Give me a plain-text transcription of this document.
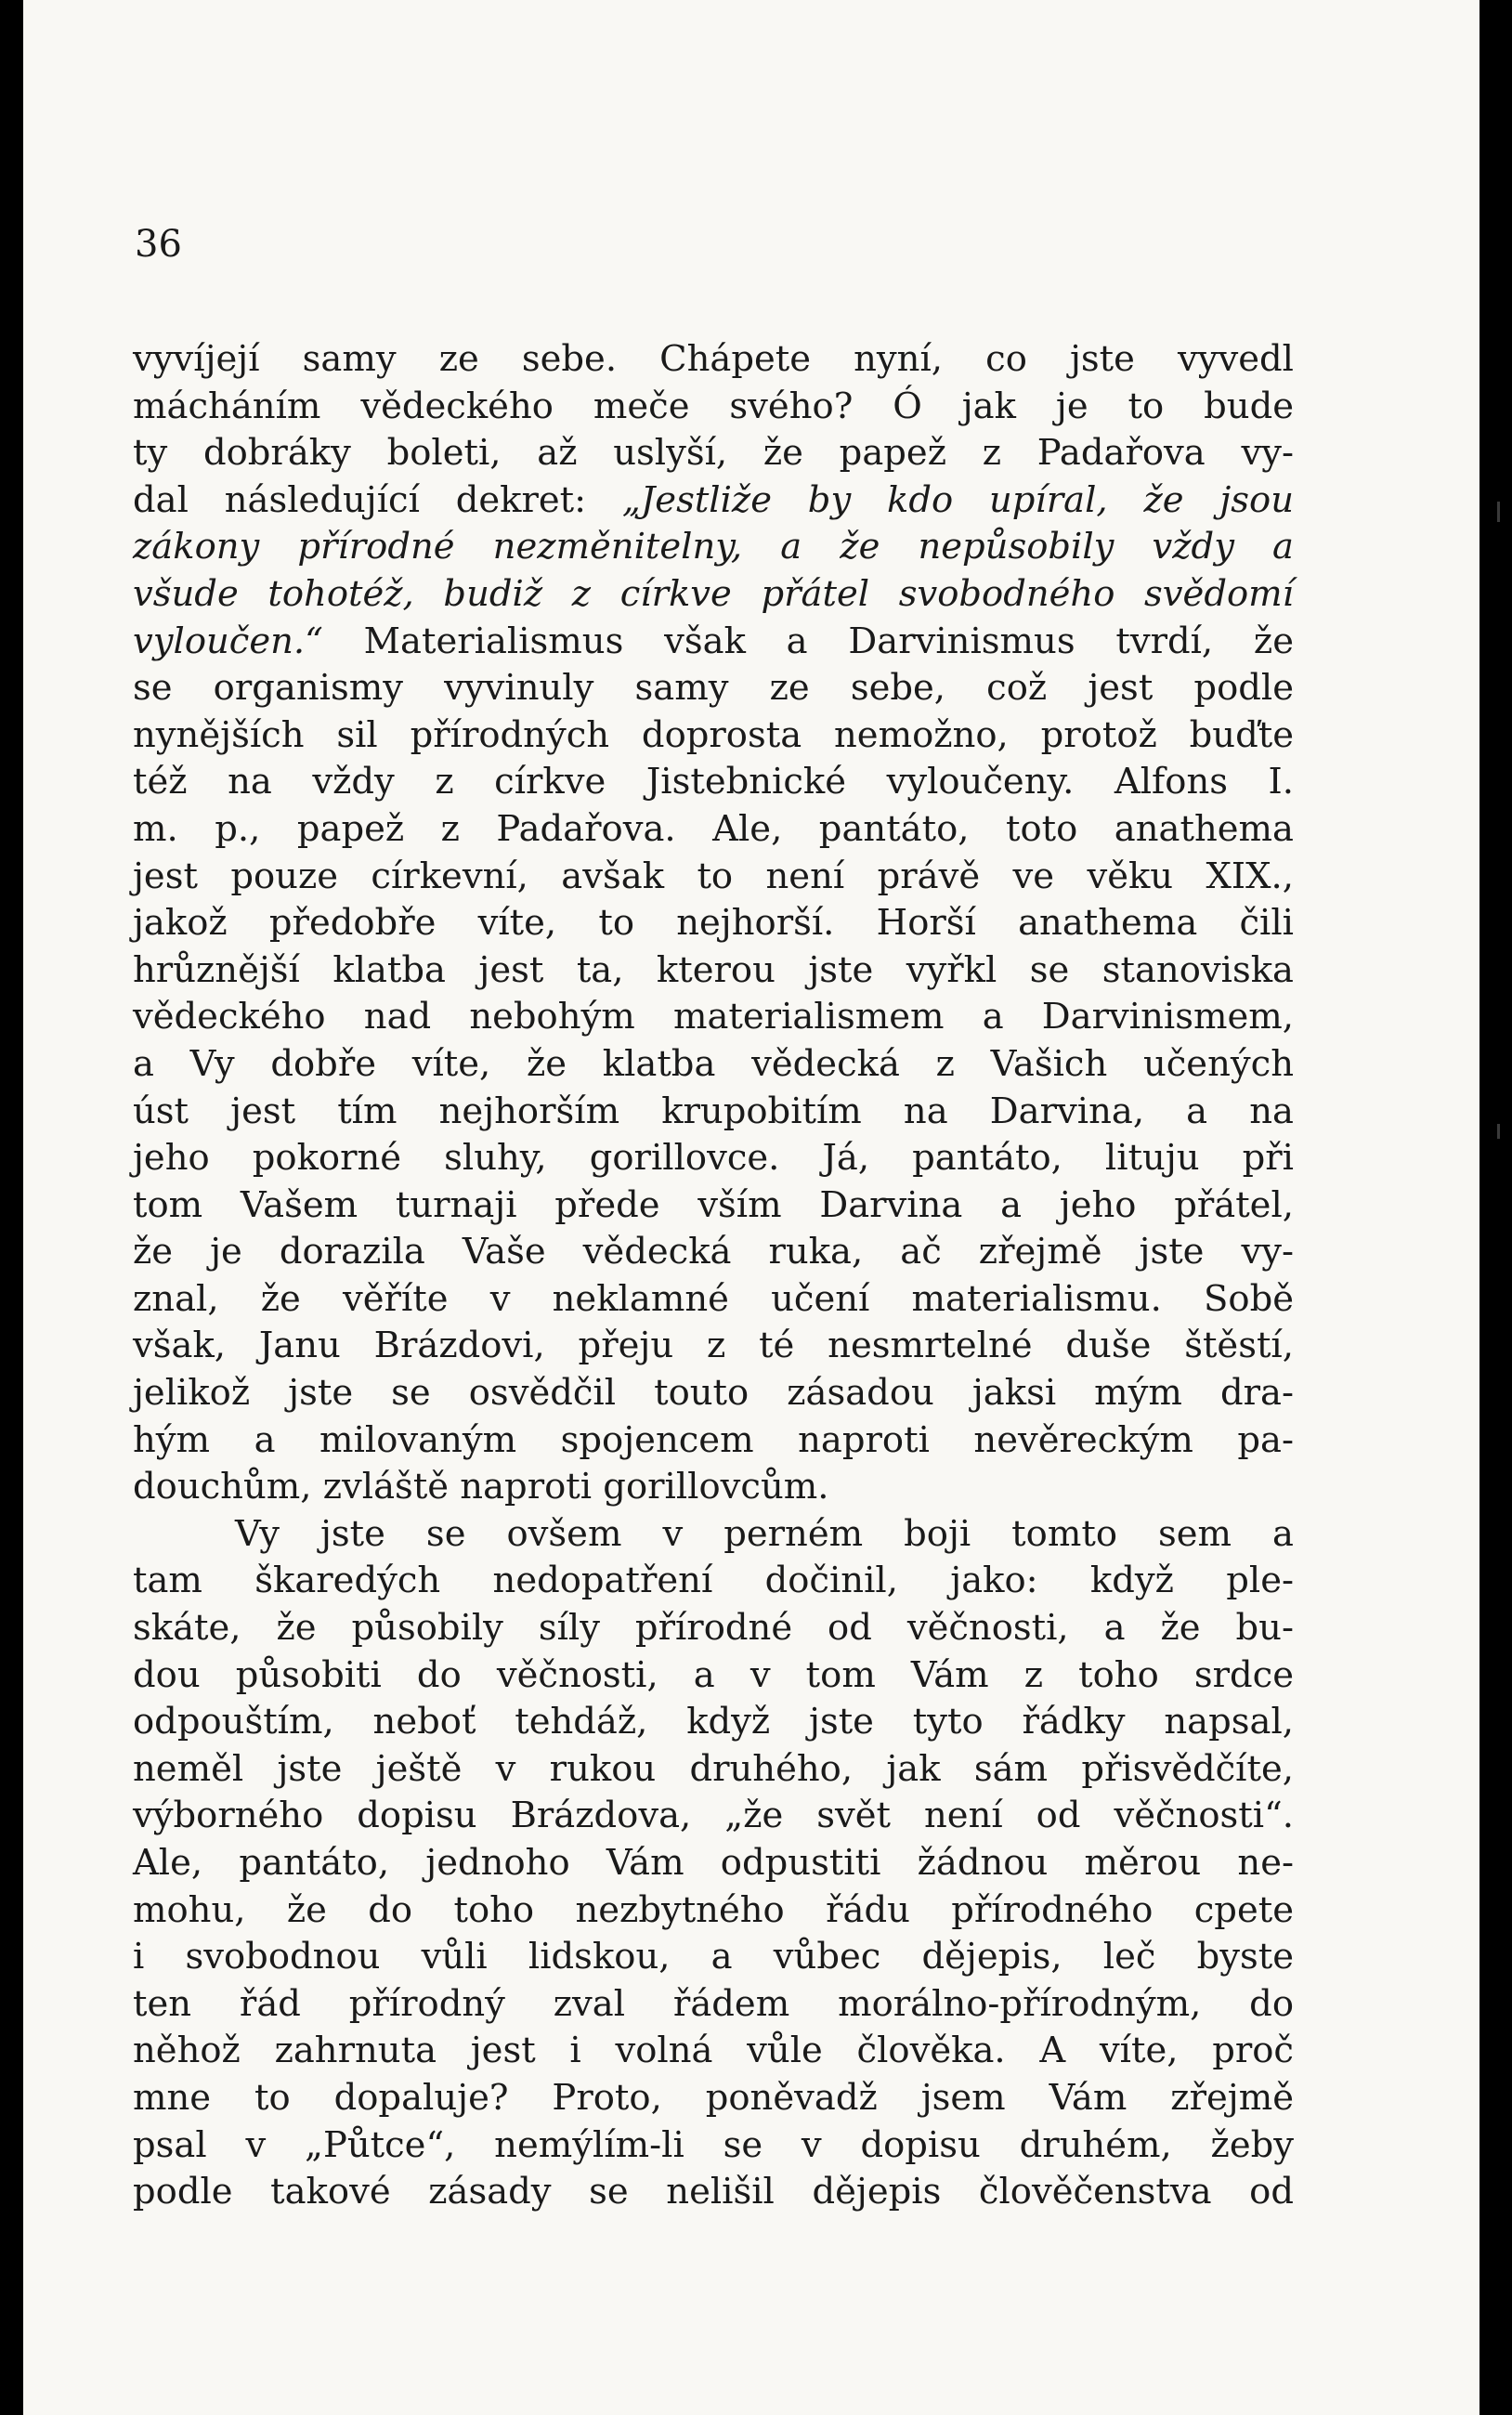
36

vyvíjejí samy ze sebe. Chápete nyní, co jste vyvedl
mácháním vědeckého meče svého? Ó jak je to bude
ty dobráky boleti, až uslyší, že papež z Padařova vy-
dal následující dekret: „Jestliže by kdo upíral, že jsou
zákony přírodné nezměnitelny, a že nepůsobily vždy a
všude tohotéž, budiž z církve přátel svobodného svědomí
vyloučen.“ Materialismus však a Darvinismus tvrdí, že
se organismy vyvinuly samy ze sebe, což jest podle
nynějších sil přírodných doprosta nemožno, protož buďte
též na vždy z církve Jistebnické vyloučeny. Alfons I.
m. p., papež z Padařova. Ale, pantáto, toto anathema
jest pouze církevní, avšak to není právě ve věku XIX.,
jakož předobře víte, to nejhorší. Horší anathema čili
hrůznější klatba jest ta, kterou jste vyřkl se stanoviska
vědeckého nad nebohým materialismem a Darvinismem,
a Vy dobře víte, že klatba vědecká z Vašich učených
úst jest tím nejhorším krupobitím na Darvina, a na
jeho pokorné sluhy, gorillovce. Já, pantáto, lituju při
tom Vašem turnaji přede vším Darvina a jeho přátel,
že je dorazila Vaše vědecká ruka, ač zřejmě jste vy-
znal, že věříte v neklamné učení materialismu. Sobě
však, Janu Brázdovi, přeju z té nesmrtelné duše štěstí,
jelikož jste se osvědčil touto zásadou jaksi mým dra-
hým a milovaným spojencem naproti nevěreckým pa-
douchům, zvláště naproti gorillovcům.
Vy jste se ovšem v perném boji tomto sem a
tam škaredých nedopatření dočinil, jako: když ple-
skáte, že působily síly přírodné od věčnosti, a že bu-
dou působiti do věčnosti, a v tom Vám z toho srdce
odpouštím, neboť tehdáž, když jste tyto řádky napsal,
neměl jste ještě v rukou druhého, jak sám přisvědčíte,
výborného dopisu Brázdova, „že svět není od věčnosti“.
Ale, pantáto, jednoho Vám odpustiti žádnou měrou ne-
mohu, že do toho nezbytného řádu přírodného cpete
i svobodnou vůli lidskou, a vůbec dějepis, leč byste
ten řád přírodný zval řádem morálno-přírodným, do
něhož zahrnuta jest i volná vůle člověka. A víte, proč
mne to dopaluje? Proto, poněvadž jsem Vám zřejmě
psal v „Půtce“, nemýlím-li se v dopisu druhém, žeby
podle takové zásady se nelišil dějepis člověčenstva od
